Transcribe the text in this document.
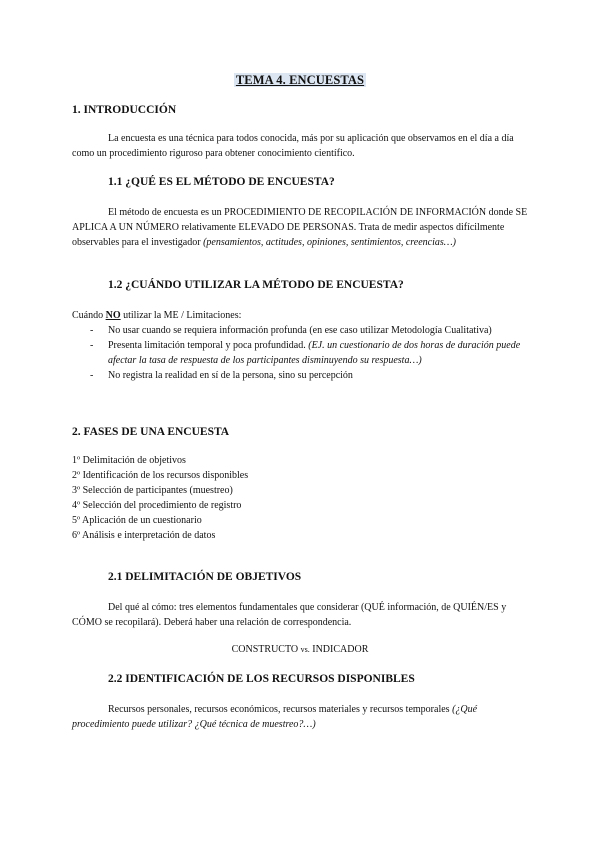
TEMA 4. ENCUESTAS
1. INTRODUCCIÓN
La encuesta es una técnica para todos conocida, más por su aplicación que observamos en el día a día como un procedimiento riguroso para obtener conocimiento científico.
1.1 ¿QUÉ ES EL MÉTODO DE ENCUESTA?
El método de encuesta es un PROCEDIMIENTO DE RECOPILACIÓN DE INFORMACIÓN donde SE APLICA A UN NÚMERO relativamente ELEVADO DE PERSONAS. Trata de medir aspectos difícilmente observables para el investigador (pensamientos, actitudes, opiniones, sentimientos, creencias…)
1.2 ¿CUÁNDO UTILIZAR LA MÉTODO DE ENCUESTA?
Cuándo NO utilizar la ME / Limitaciones:
- No usar cuando se requiera información profunda (en ese caso utilizar Metodología Cualitativa)
- Presenta limitación temporal y poca profundidad. (EJ. un cuestionario de dos horas de duración puede afectar la tasa de respuesta de los participantes disminuyendo su respuesta…)
- No registra la realidad en sí de la persona, sino su percepción
2. FASES DE UNA ENCUESTA
1º Delimitación de objetivos
2º Identificación de los recursos disponibles
3º Selección de participantes (muestreo)
4º Selección del procedimiento de registro
5º Aplicación de un cuestionario
6º Análisis e interpretación de datos
2.1 DELIMITACIÓN DE OBJETIVOS
Del qué al cómo: tres elementos fundamentales que considerar (QUÉ información, de QUIÉN/ES y CÓMO se recopilará). Deberá haber una relación de correspondencia.
CONSTRUCTO vs. INDICADOR
2.2 IDENTIFICACIÓN DE LOS RECURSOS DISPONIBLES
Recursos personales, recursos económicos, recursos materiales y recursos temporales (¿Qué procedimiento puede utilizar? ¿Qué técnica de muestreo?…)
